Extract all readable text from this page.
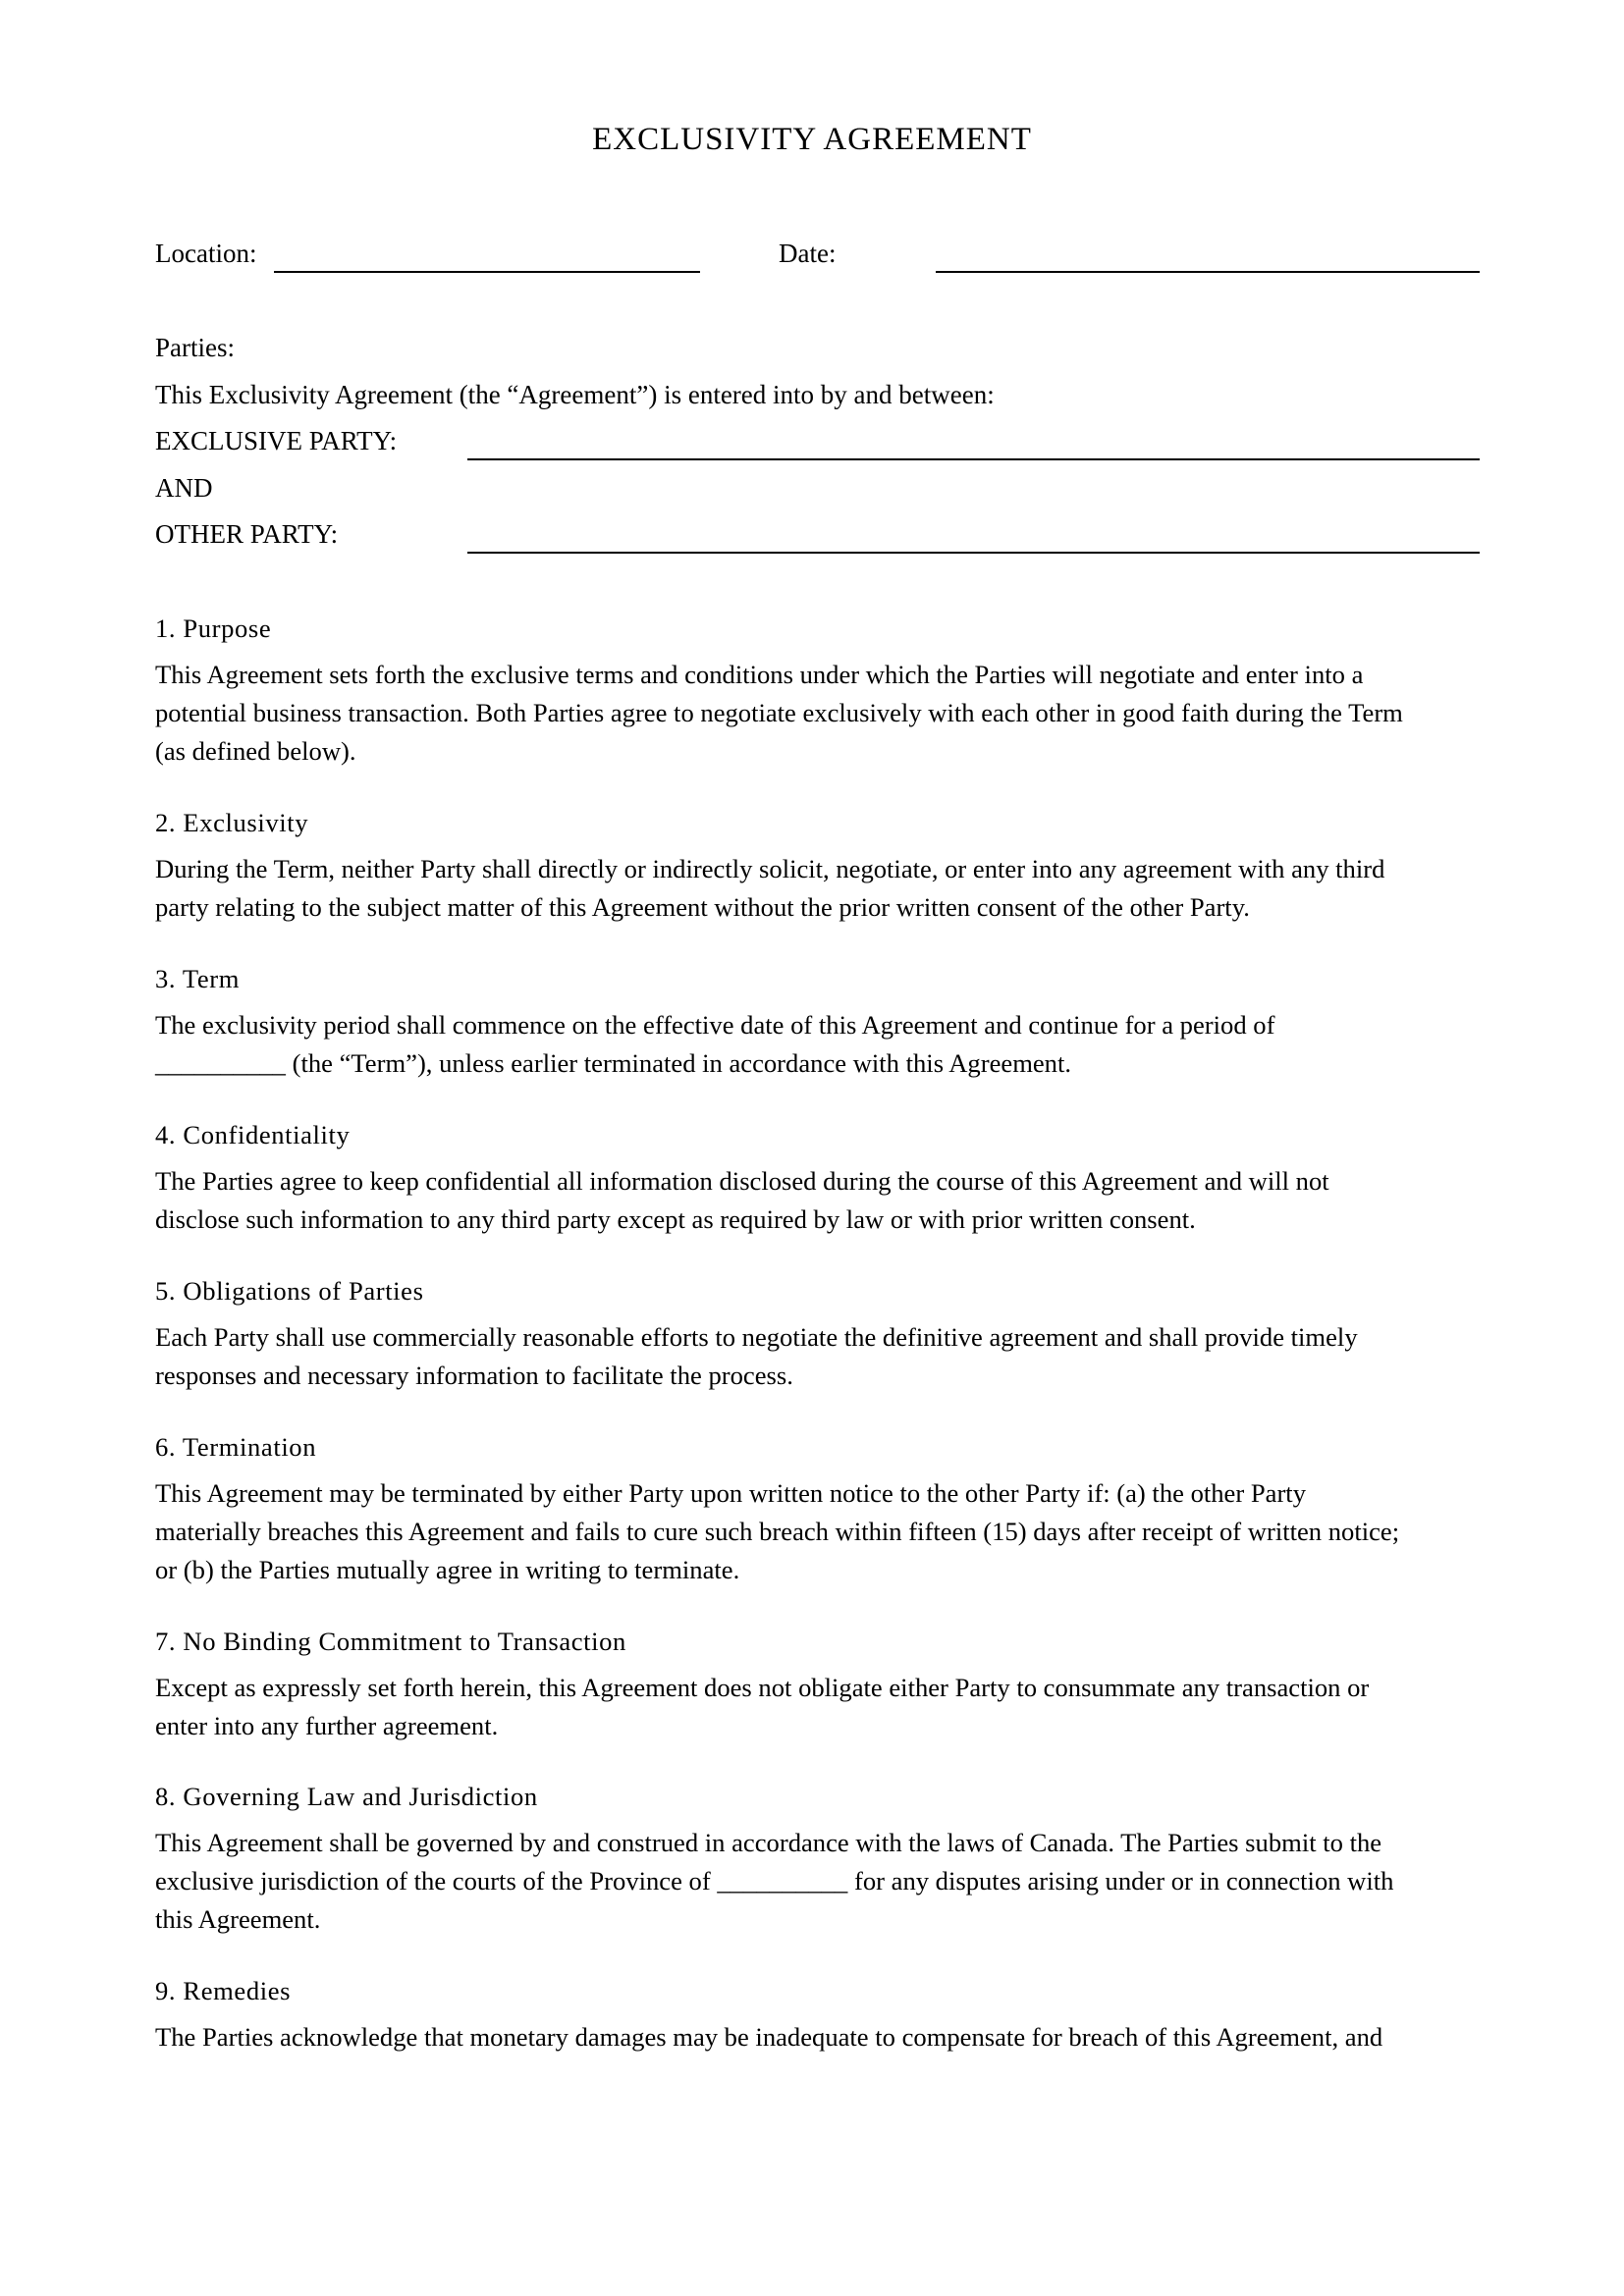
EXCLUSIVITY AGREEMENT
Location:	Date:
Parties:
This Exclusivity Agreement (the “Agreement”) is entered into by and between:
EXCLUSIVE PARTY:
AND
OTHER PARTY:
1. Purpose
This Agreement sets forth the exclusive terms and conditions under which the Parties will negotiate and enter into a
potential business transaction. Both Parties agree to negotiate exclusively with each other in good faith during the Term
(as defined below).
2. Exclusivity
During the Term, neither Party shall directly or indirectly solicit, negotiate, or enter into any agreement with any third
party relating to the subject matter of this Agreement without the prior written consent of the other Party.
3. Term
The exclusivity period shall commence on the effective date of this Agreement and continue for a period of
__________ (the “Term”), unless earlier terminated in accordance with this Agreement.
4. Confidentiality
The Parties agree to keep confidential all information disclosed during the course of this Agreement and will not
disclose such information to any third party except as required by law or with prior written consent.
5. Obligations of Parties
Each Party shall use commercially reasonable efforts to negotiate the definitive agreement and shall provide timely
responses and necessary information to facilitate the process.
6. Termination
This Agreement may be terminated by either Party upon written notice to the other Party if: (a) the other Party
materially breaches this Agreement and fails to cure such breach within fifteen (15) days after receipt of written notice;
or (b) the Parties mutually agree in writing to terminate.
7. No Binding Commitment to Transaction
Except as expressly set forth herein, this Agreement does not obligate either Party to consummate any transaction or
enter into any further agreement.
8. Governing Law and Jurisdiction
This Agreement shall be governed by and construed in accordance with the laws of Canada. The Parties submit to the
exclusive jurisdiction of the courts of the Province of __________ for any disputes arising under or in connection with
this Agreement.
9. Remedies
The Parties acknowledge that monetary damages may be inadequate to compensate for breach of this Agreement, and
